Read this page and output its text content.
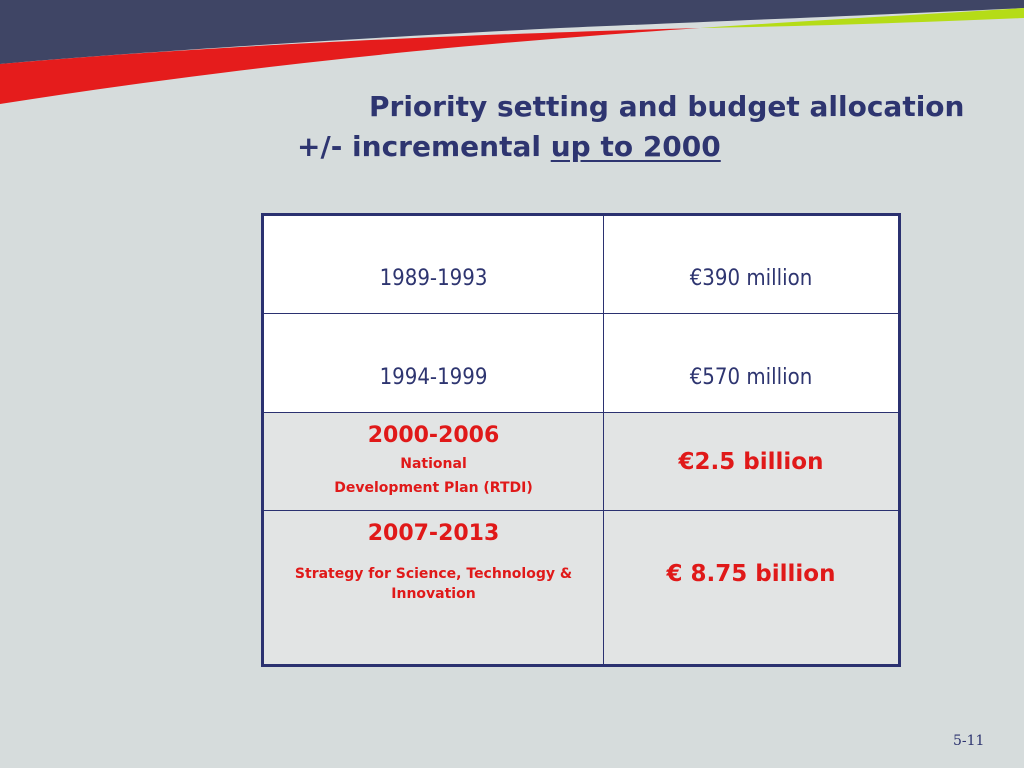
Priority setting and budget allocation
+/- incremental up to 2000
1989-1993	€390 million
1994-1999	€570 million

2000-2006
National
Development Plan (RTDI)	€2.5 billion

2007-2013
Strategy for Science, Technology & Innovation	€ 8.75 billion
5-11
